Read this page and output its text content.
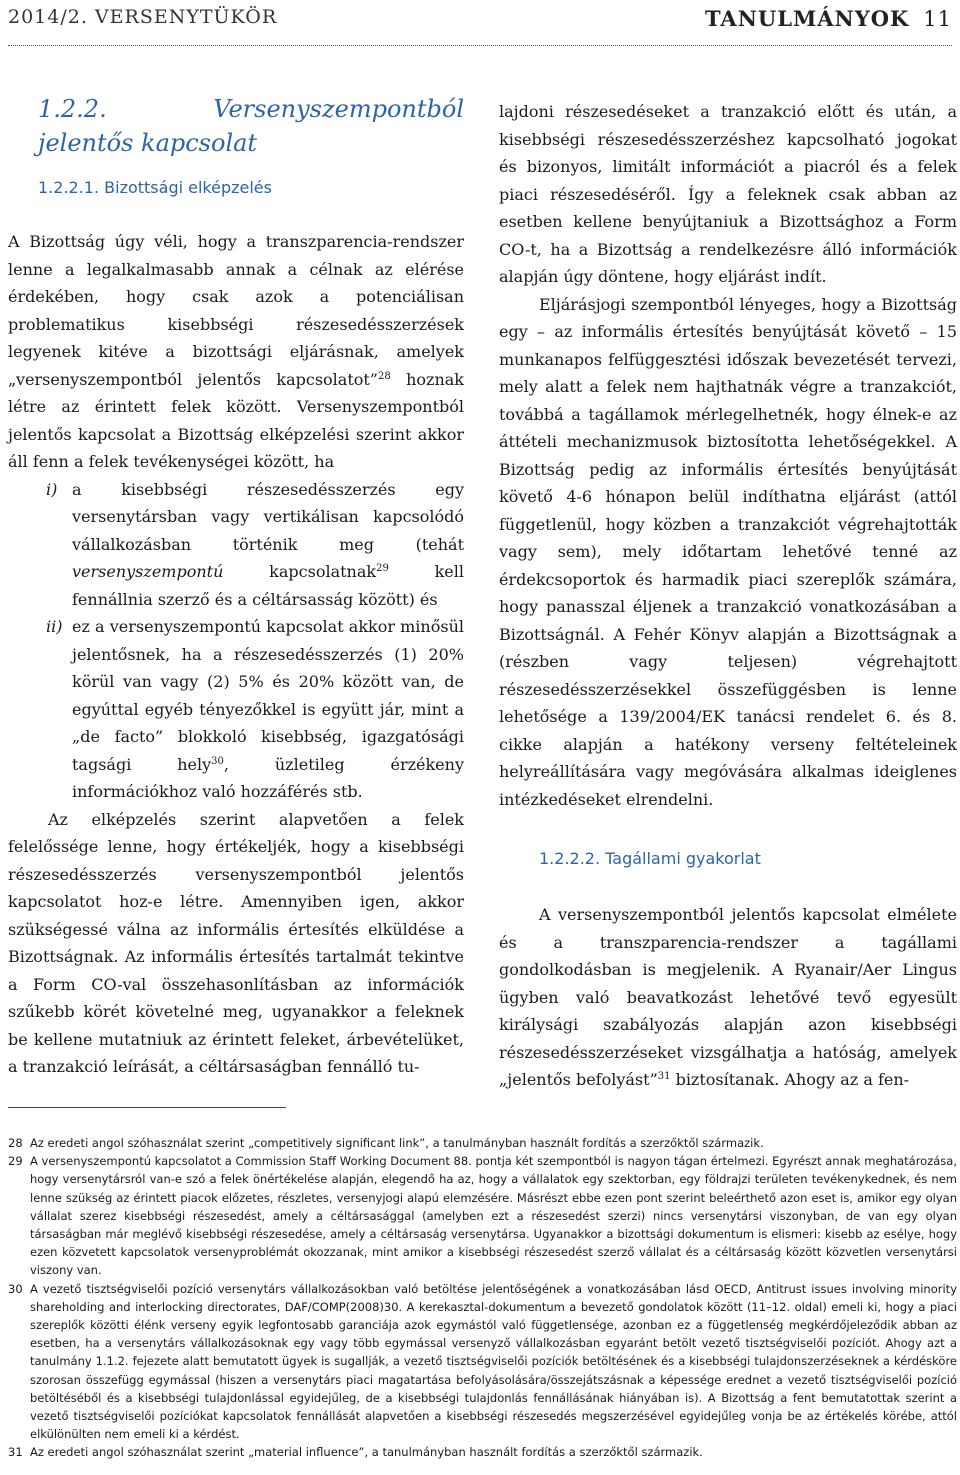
2014/2. VERSENYTÜKÖR	TANULMÁNYOK 11
1.2.2. Versenyszempontból jelentős kapcsolat
1.2.2.1. Bizottsági elképzelés

A Bizottság úgy véli, hogy a transzparencia-rendszer lenne a legalkalmasabb annak a célnak az elérése érdekében, hogy csak azok a potenciálisan problematikus kisebbségi részesedésszerzések legyenek kitéve a bizottsági eljárásnak, amelyek „versenyszempontból jelentős kapcsolatot”$^{28}$ hoznak létre az érintett felek között. Versenyszempontból jelentős kapcsolat a Bizottság elképzelési szerint akkor áll fenn a felek tevékenységei között, ha

i) a kisebbségi részesedésszerzés egy versenytársban vagy vertikálisan kapcsolódó vállalkozásban történik meg (tehát versenyszempontú kapcsolatnak$^{29}$ kell fennállnia szerző és a céltársasság között) és
ii) ez a versenyszempontú kapcsolat akkor minősül jelentősnek, ha a részesedésszerzés (1) 20% körül van vagy (2) 5% és 20% között van, de egyúttal egyéb tényezőkkel is együtt jár, mint a „de facto” blokkoló kisebbség, igazgatósági tagsági hely$^{30}$, üzletileg érzékeny információkhoz való hozzáférés stb.

Az elképzelés szerint alapvetően a felek felelőssége lenne, hogy értékeljék, hogy a kisebbségi részesedésszerzés versenyszempontból jelentős kapcsolatot hoz-e létre. Amennyiben igen, akkor szükségessé válna az informális értesítés elküldése a Bizottságnak. Az informális értesítés tartalmát tekintve a Form CO-val összehasonlításban az információk szűkebb körét követelné meg, ugyanakkor a feleknek be kellene mutatniuk az érintett feleket, árbevételüket, a tranzakció leírását, a céltársaságban fennálló tu-

lajdoni részesedéseket a tranzakció előtt és után, a kisebbségi részesedésszerzéshez kapcsolható jogokat és bizonyos, limitált információt a piacról és a felek piaci részesedéséről. Így a feleknek csak abban az esetben kellene benyújtaniuk a Bizottsághoz a Form CO-t, ha a Bizottság a rendelkezésre álló információk alapján úgy döntene, hogy eljárást indít.

Eljárásjogi szempontból lényeges, hogy a Bizottság egy – az informális értesítés benyújtását követő – 15 munkanapos felfüggesztési időszak bevezetését tervezi, mely alatt a felek nem hajthatnák végre a tranzakciót, továbbá a tagállamok mérlegelhetnék, hogy élnek-e az áttételi mechanizmusok biztosította lehetőségekkel. A Bizottság pedig az informális értesítés benyújtását követő 4-6 hónapon belül indíthatna eljárást (attól függetlenül, hogy közben a tranzakciót végrehajtották vagy sem), mely időtartam lehetővé tenné az érdekcsoportok és harmadik piaci szereplők számára, hogy panasszal éljenek a tranzakció vonatkozásában a Bizottságnál. A Fehér Könyv alapján a Bizottságnak a (részben vagy teljesen) végrehajtott részesedésszerzésekkel összefüggésben is lenne lehetősége a 139/2004/EK tanácsi rendelet 6. és 8. cikke alapján a hatékony verseny feltételeinek helyreállítására vagy megóvására alkalmas ideiglenes intézkedéseket elrendelni.

1.2.2.2. Tagállami gyakorlat

A versenyszempontból jelentős kapcsolat elmélete és a transzparencia-rendszer a tagállami gondolkodásban is megjelenik. A Ryanair/Aer Lingus ügyben való beavatkozást lehetővé tevő egyesült királysági szabályozás alapján azon kisebbségi részesedésszerzéseket vizsgálhatja a hatóság, amelyek „jelentős befolyást”$^{31}$ biztosítanak. Ahogy az a fen-

28 Az eredeti angol szóhasználat szerint „competitively significant link”, a tanulmányban használt fordítás a szerzőktől származik.
29 A versenyszempontú kapcsolatot a Commission Staff Working Document 88. pontja két szempontból is nagyon tágan értelmezi. Egyrészt annak meghatározása, hogy versenytársról van-e szó a felek önértékelése alapján, elegendő ha az, hogy a vállalatok egy szektorban, egy földrajzi területen tevékenykednek, és nem lenne szükség az érintett piacok előzetes, részletes, versenyjogi alapú elemzésére. Másrészt ebbe ezen pont szerint beleérthető azon eset is, amikor egy olyan vállalat szerez kisebbségi részesedést, amely a céltársasággal (amelyben ezt a részesedést szerzi) nincs versenytársi viszonyban, de van egy olyan társaságban már meglévő kisebbségi részesedése, amely a céltársaság versenytársa. Ugyanakkor a bizottsági dokumentum is elismeri: kisebb az esélye, hogy ezen közvetett kapcsolatok versenyproblémát okozzanak, mint amikor a kisebbségi részesedést szerző vállalat és a céltársaság között közvetlen versenytársi viszony van.
30 A vezető tisztségviselői pozíció versenytárs vállalkozásokban való betöltése jelentőségének a vonatkozásában lásd OECD, Antitrust issues involving minority shareholding and interlocking directorates, DAF/COMP(2008)30. A kerekasztal-dokumentum a bevezető gondolatok között (11–12. oldal) emeli ki, hogy a piaci szereplők közötti élénk verseny egyik legfontosabb garanciája azok egymástól való függetlensége, azonban ez a függetlenség megkérdőjeleződik abban az esetben, ha a versenytárs vállalkozásoknak egy vagy több egymással versenyző vállalkozásban egyaránt betölt vezető tisztségviselői pozíciót. Ahogy azt a tanulmány 1.1.2. fejezete alatt bemutatott ügyek is sugallják, a vezető tisztségviselői pozíciók betöltésének és a kisebbségi tulajdonszerzéseknek a kérdésköre szorosan összefügg egymással (hiszen a versenytárs piaci magatartása befolyásolására/összejátszásnak a képessége erednet a vezető tisztségviselői pozíció betöltéséből és a kisebbségi tulajdonlással egyidejűleg, de a kisebbségi tulajdonlás fennállásának hiányában is). A Bizottság a fent bemutatottak szerint a vezető tisztségviselői pozíciókat kapcsolatok fennállását alapvetően a kisebbségi részesedés megszerzésével egyidejűleg vonja be az értékelés körébe, attól elkülönülten nem emeli ki a kérdést.
31 Az eredeti angol szóhasználat szerint „material influence”, a tanulmányban használt fordítás a szerzőktől származik.
